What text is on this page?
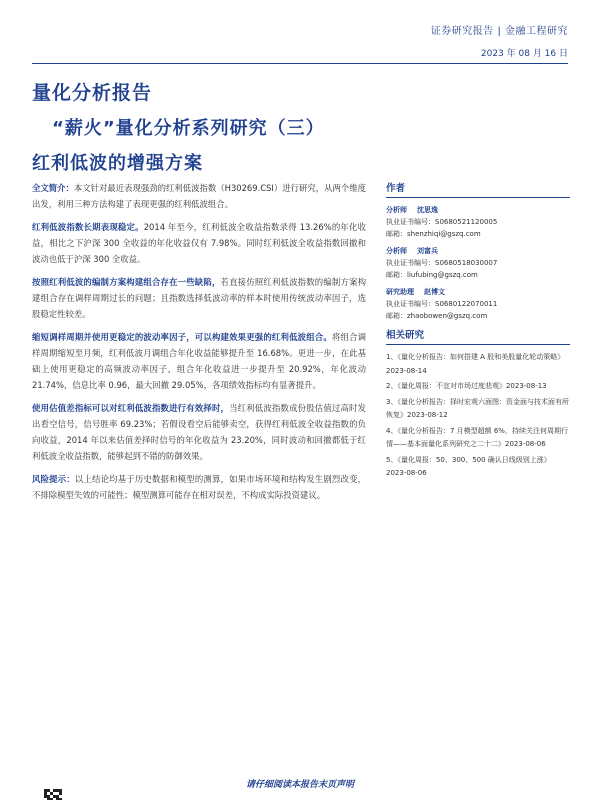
证券研究报告 | 金融工程研究
2023 年 08 月 16 日
量化分析报告
“薪火”量化分析系列研究（三）
红利低波的增强方案

全文简介：本文针对最近表现强劲的红利低波指数（H30269.CSI）进行研究，从两个维度出发，利用三种方法构建了表现更强的红利低波组合。

红利低波指数长期表现稳定。2014 年至今，红利低波全收益指数录得 13.26%的年化收益，相比之下沪深 300 全收益的年化收益仅有 7.98%。同时红利低波全收益指数回撤和波动也低于沪深 300 全收益。

按照红利低波的编制方案构建组合存在一些缺陷，若直接仿照红利低波指数的编制方案构建组合存在调样周期过长的问题；且指数选择低波动率的样本时使用传统波动率因子，选股稳定性较差。

缩短调样周期并使用更稳定的波动率因子，可以构建效果更强的红利低波组合。将组合调样周期缩短至月频，红利低波月调组合年化收益能够提升至 16.68%。更进一步，在此基础上使用更稳定的高频波动率因子，组合年化收益进一步提升至 20.92%，年化波动 21.74%，信息比率 0.96，最大回撤 29.05%，各项绩效指标均有显著提升。

使用估值差指标可以对红利低波指数进行有效择时，当红利低波指数成份股估值过高时发出看空信号，信号胜率 69.23%；若假设看空后能够卖空，获得红利低波全收益指数的负向收益，2014 年以来估值差择时信号的年化收益为 23.20%，同时波动和回撤都低于红利低波全收益指数，能够起到不错的防御效果。

风险提示：以上结论均基于历史数据和模型的测算，如果市场环境和结构发生剧烈改变，不排除模型失效的可能性；模型测算可能存在相对误差，不构成实际投资建议。

作者
分析师 沈思逸
执业证书编号：S0680521120005
邮箱：shenzhiqi@gszq.com
分析师 刘富兵
执业证书编号：S0680518030007
邮箱：liufubing@gszq.com
研究助理 赵博文
执业证书编号：S0680122070011
邮箱：zhaobowen@gszq.com
相关研究
1、《量化分析报告：如何搭建 A 股和美股量化轮动策略》2023-08-14
2、《量化周报：不宜对市场过度悲观》2023-08-13
3、《量化分析报告：择时宏观六面图：资金面与技术面有所恢复》2023-08-12
4、《量化分析报告：7 月模型超额 6%，持续关注何周期行情——基本面量化系列研究之二十二》2023-08-06
5、《量化周报：50、300、500 确认日线级别上涨》2023-08-06
请仔细阅读本报告末页声明
